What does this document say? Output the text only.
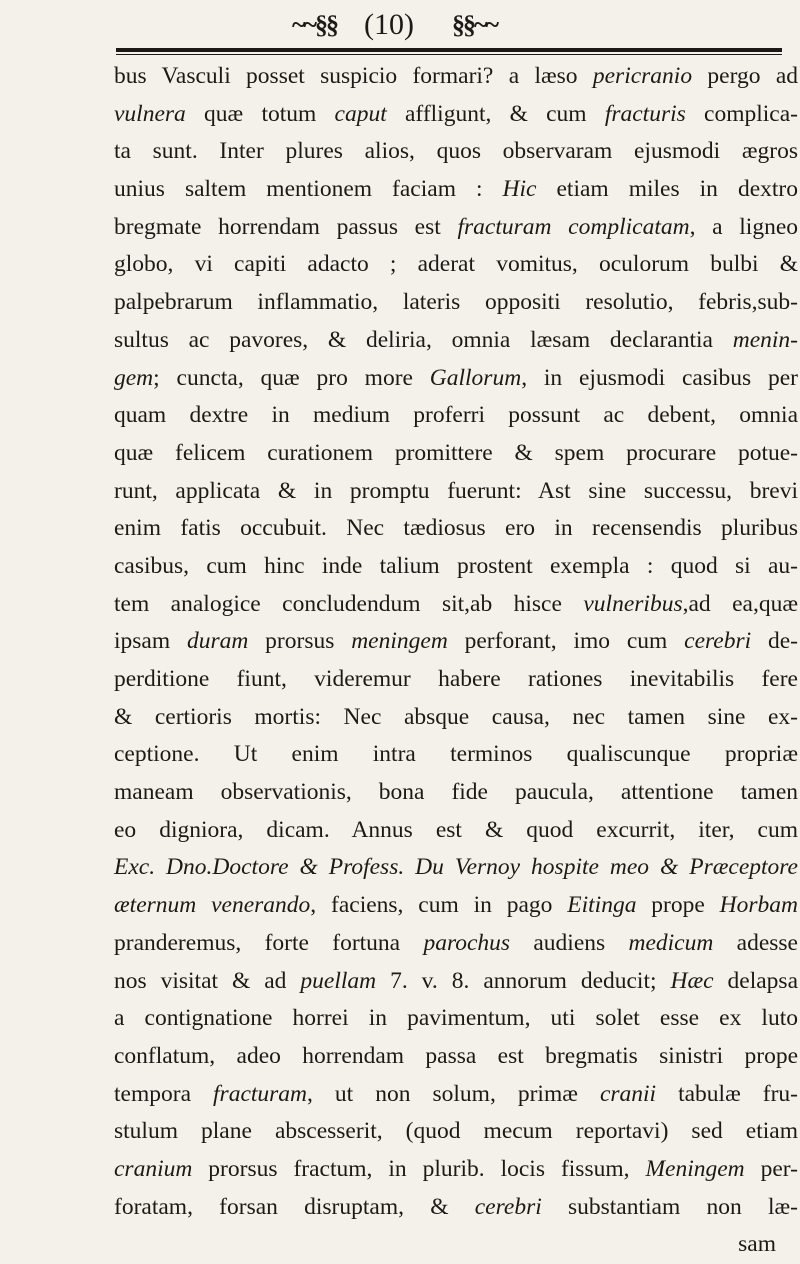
~~§§ (10) §§~~
bus Vasculi posset suspicio formari? a læso pericranio pergo ad
vulnera quæ totum caput affligunt, & cum fracturis complica-
ta sunt. Inter plures alios, quos observaram ejusmodi ægros
unius saltem mentionem faciam : Hic etiam miles in dextro
bregmate horrendam passus est fracturam complicatam, a ligneo
globo, vi capiti adacto ; aderat vomitus, oculorum bulbi &
palpebrarum inflammatio, lateris oppositi resolutio, febris,sub-
sultus ac pavores, & deliria, omnia læsam declarantia menin-
gem; cuncta, quæ pro more Gallorum, in ejusmodi casibus per
quam dextre in medium proferri possunt ac debent, omnia
quæ felicem curationem promittere & spem procurare potue-
runt, applicata & in promptu fuerunt: Ast sine successu, brevi
enim fatis occubuit. Nec tædiosus ero in recensendis pluribus
casibus, cum hinc inde talium prostent exempla : quod si au-
tem analogice concludendum sit,ab hisce vulneribus,ad ea,quæ
ipsam duram prorsus meningem perforant, imo cum cerebri de-
perditione fiunt, videremur habere rationes inevitabilis fere
& certioris mortis: Nec absque causa, nec tamen sine ex-
ceptione. Ut enim intra terminos qualiscunque propriæ
maneam observationis, bona fide paucula, attentione tamen
eo digniora, dicam. Annus est & quod excurrit, iter, cum
Exc. Dno.Doctore & Profess. Du Vernoy hospite meo & Præceptore
æternum venerando, faciens, cum in pago Eitinga prope Horbam
pranderemus, forte fortuna parochus audiens medicum adesse
nos visitat & ad puellam 7. v. 8. annorum deducit; Hæc delapsa
a contignatione horrei in pavimentum, uti solet esse ex luto
conflatum, adeo horrendam passa est bregmatis sinistri prope
tempora fracturam, ut non solum, primæ cranii tabulæ fru-
stulum plane abscesserit, (quod mecum reportavi) sed etiam
cranium prorsus fractum, in plurib. locis fissum, Meningem per-
foratam, forsan disruptam, & cerebri substantiam non læ-
sam
